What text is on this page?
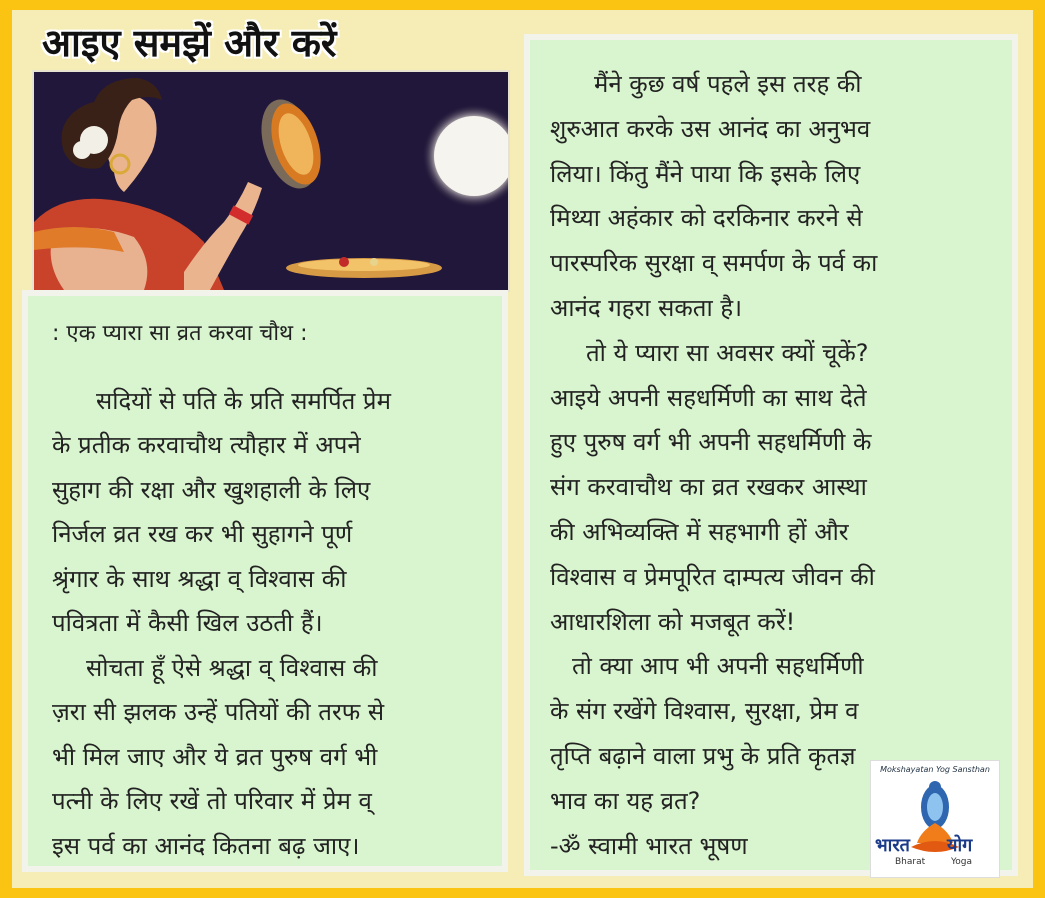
आइए समझें और करें
: एक प्यारा सा व्रत करवा चौथ :
सदियों से पति के प्रति समर्पित प्रेम
के प्रतीक करवाचौथ त्यौहार में अपने
सुहाग की रक्षा और खुशहाली के लिए
निर्जल व्रत रख कर भी सुहागने पूर्ण
श्रृंगार के साथ श्रद्धा व् विश्वास की
पवित्रता में कैसी खिल उठती हैं।
सोचता हूँ ऐसे श्रद्धा व् विश्वास की
ज़रा सी झलक उन्हें पतियों की तरफ से
भी मिल जाए और ये व्रत पुरुष वर्ग भी
पत्नी के लिए रखें तो परिवार में प्रेम व्
इस पर्व का आनंद कितना बढ़ जाए।
मैंने कुछ वर्ष पहले इस तरह की
शुरुआत करके उस आनंद का अनुभव
लिया। किंतु मैंने पाया कि इसके लिए
मिथ्या अहंकार को दरकिनार करने से
पारस्परिक सुरक्षा व् समर्पण के पर्व का
आनंद गहरा सकता है।
तो ये प्यारा सा अवसर क्यों चूकें?
आइये अपनी सहधर्मिणी का साथ देते
हुए पुरुष वर्ग भी अपनी सहधर्मिणी के
संग करवाचौथ का व्रत रखकर आस्था
की अभिव्यक्ति में सहभागी हों और
विश्वास व प्रेमपूरित दाम्पत्य जीवन की
आधारशिला को मजबूत करें!
तो क्या आप भी अपनी सहधर्मिणी
के संग रखेंगे विश्वास, सुरक्षा, प्रेम व
तृप्ति बढ़ाने वाला प्रभु के प्रति कृतज्ञ
भाव का यह व्रत?
-ॐ स्वामी भारत भूषण
Mokshayatan Yog Sansthan
भारत योग
Bharat	Yoga
